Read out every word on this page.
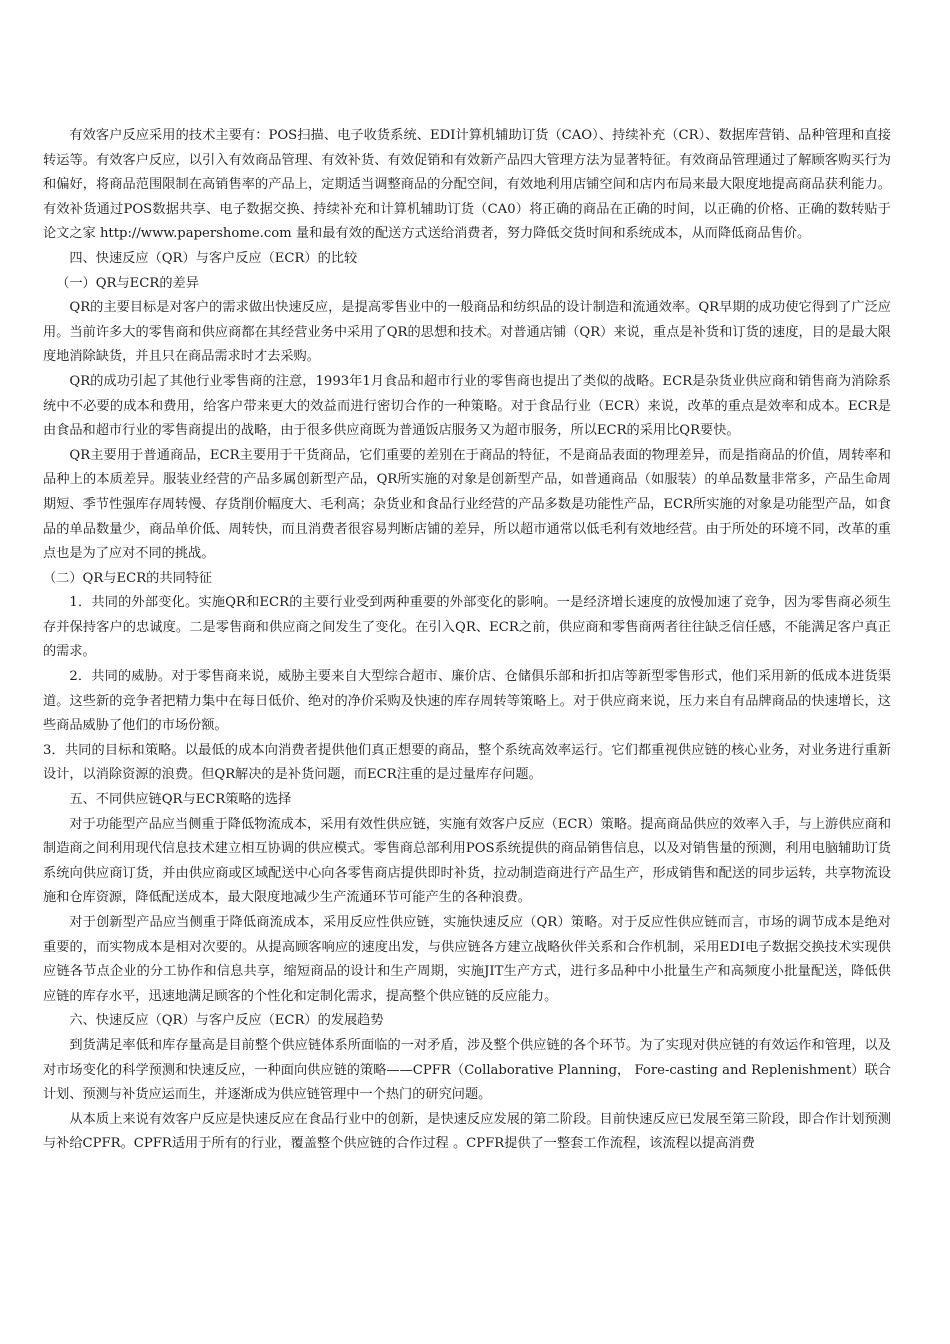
有效客户反应采用的技术主要有：POS扫描、电子收货系统、EDI计算机辅助订货（CAO）、持续补充（CR）、数据库营销、品种管理和直接转运等。有效客户反应，以引入有效商品管理、有效补货、有效促销和有效新产品四大管理方法为显著特征。有效商品管理通过了解顾客购买行为和偏好，将商品范围限制在高销售率的产品上，定期适当调整商品的分配空间，有效地利用店铺空间和店内布局来最大限度地提高商品获利能力。有效补货通过POS数据共享、电子数据交换、持续补充和计算机辅助订货（CA0）将正确的商品在正确的时间，以正确的价格、正确的数转贴于 论文之家 http://www.papershome.com 量和最有效的配送方式送给消费者，努力降低交货时间和系统成本，从而降低商品售价。

四、快速反应（QR）与客户反应（ECR）的比较

（一）QR与ECR的差异

QR的主要目标是对客户的需求做出快速反应，是提高零售业中的一般商品和纺织品的设计制造和流通效率。QR早期的成功使它得到了广泛应用。当前许多大的零售商和供应商都在其经营业务中采用了QR的思想和技术。对普通店铺（QR）来说，重点是补货和订货的速度，目的是最大限度地消除缺货，并且只在商品需求时才去采购。

QR的成功引起了其他行业零售商的注意，1993年1月食品和超市行业的零售商也提出了类似的战略。ECR是杂货业供应商和销售商为消除系统中不必要的成本和费用，给客户带来更大的效益而进行密切合作的一种策略。对于食品行业（ECR）来说，改革的重点是效率和成本。ECR是由食品和超市行业的零售商提出的战略，由于很多供应商既为普通饭店服务又为超市服务，所以ECR的采用比QR要快。

QR主要用于普通商品，ECR主要用于干货商品，它们重要的差别在于商品的特征，不是商品表面的物理差异，而是指商品的价值，周转率和品种上的本质差异。服装业经营的产品多属创新型产品，QR所实施的对象是创新型产品，如普通商品（如服装）的单品数量非常多，产品生命周期短、季节性强库存周转慢、存货削价幅度大、毛利高；杂货业和食品行业经营的产品多数是功能性产品，ECR所实施的对象是功能型产品，如食品的单品数量少，商品单价低、周转快，而且消费者很容易判断店铺的差异，所以超市通常以低毛利有效地经营。由于所处的环境不同，改革的重点也是为了应对不同的挑战。

（二）QR与ECR的共同特征

1．共同的外部变化。实施QR和ECR的主要行业受到两种重要的外部变化的影响。一是经济增长速度的放慢加速了竞争，因为零售商必须生存并保持客户的忠诚度。二是零售商和供应商之间发生了变化。在引入QR、ECR之前，供应商和零售商两者往往缺乏信任感，不能满足客户真正的需求。

2．共同的威胁。对于零售商来说，威胁主要来自大型综合超市、廉价店、仓储俱乐部和折扣店等新型零售形式，他们采用新的低成本进货渠道。这些新的竞争者把精力集中在每日低价、绝对的净价采购及快速的库存周转等策略上。对于供应商来说，压力来自有品牌商品的快速增长，这些商品威胁了他们的市场份额。

3．共同的目标和策略。以最低的成本向消费者提供他们真正想要的商品，整个系统高效率运行。它们都重视供应链的核心业务，对业务进行重新设计，以消除资源的浪费。但QR解决的是补货问题，而ECR注重的是过量库存问题。

五、不同供应链QR与ECR策略的选择

对于功能型产品应当侧重于降低物流成本，采用有效性供应链，实施有效客户反应（ECR）策略。提高商品供应的效率入手，与上游供应商和制造商之间利用现代信息技术建立相互协调的供应模式。零售商总部利用POS系统提供的商品销售信息，以及对销售量的预测，利用电脑辅助订货系统向供应商订货，并由供应商或区域配送中心向各零售商店提供即时补货，拉动制造商进行产品生产，形成销售和配送的同步运转，共享物流设施和仓库资源，降低配送成本，最大限度地减少生产流通环节可能产生的各种浪费。

对于创新型产品应当侧重于降低商流成本，采用反应性供应链，实施快速反应（QR）策略。对于反应性供应链而言，市场的调节成本是绝对重要的，而实物成本是相对次要的。从提高顾客响应的速度出发，与供应链各方建立战略伙伴关系和合作机制，采用EDI电子数据交换技术实现供应链各节点企业的分工协作和信息共享，缩短商品的设计和生产周期，实施JIT生产方式，进行多品种中小批量生产和高频度小批量配送，降低供应链的库存水平，迅速地满足顾客的个性化和定制化需求，提高整个供应链的反应能力。

六、快速反应（QR）与客户反应（ECR）的发展趋势

到货满足率低和库存量高是目前整个供应链体系所面临的一对矛盾，涉及整个供应链的各个环节。为了实现对供应链的有效运作和管理，以及对市场变化的科学预测和快速反应，一种面向供应链的策略——CPFR（Collaborative Planning， Fore-casting and Replenishment）联合计划、预测与补货应运而生，并逐渐成为供应链管理中一个热门的研究问题。

从本质上来说有效客户反应是快速反应在食品行业中的创新，是快速反应发展的第二阶段。目前快速反应已发展至第三阶段，即合作计划预测与补给CPFR。CPFR适用于所有的行业，覆盖整个供应链的合作过程 。CPFR提供了一整套工作流程，该流程以提高消费
